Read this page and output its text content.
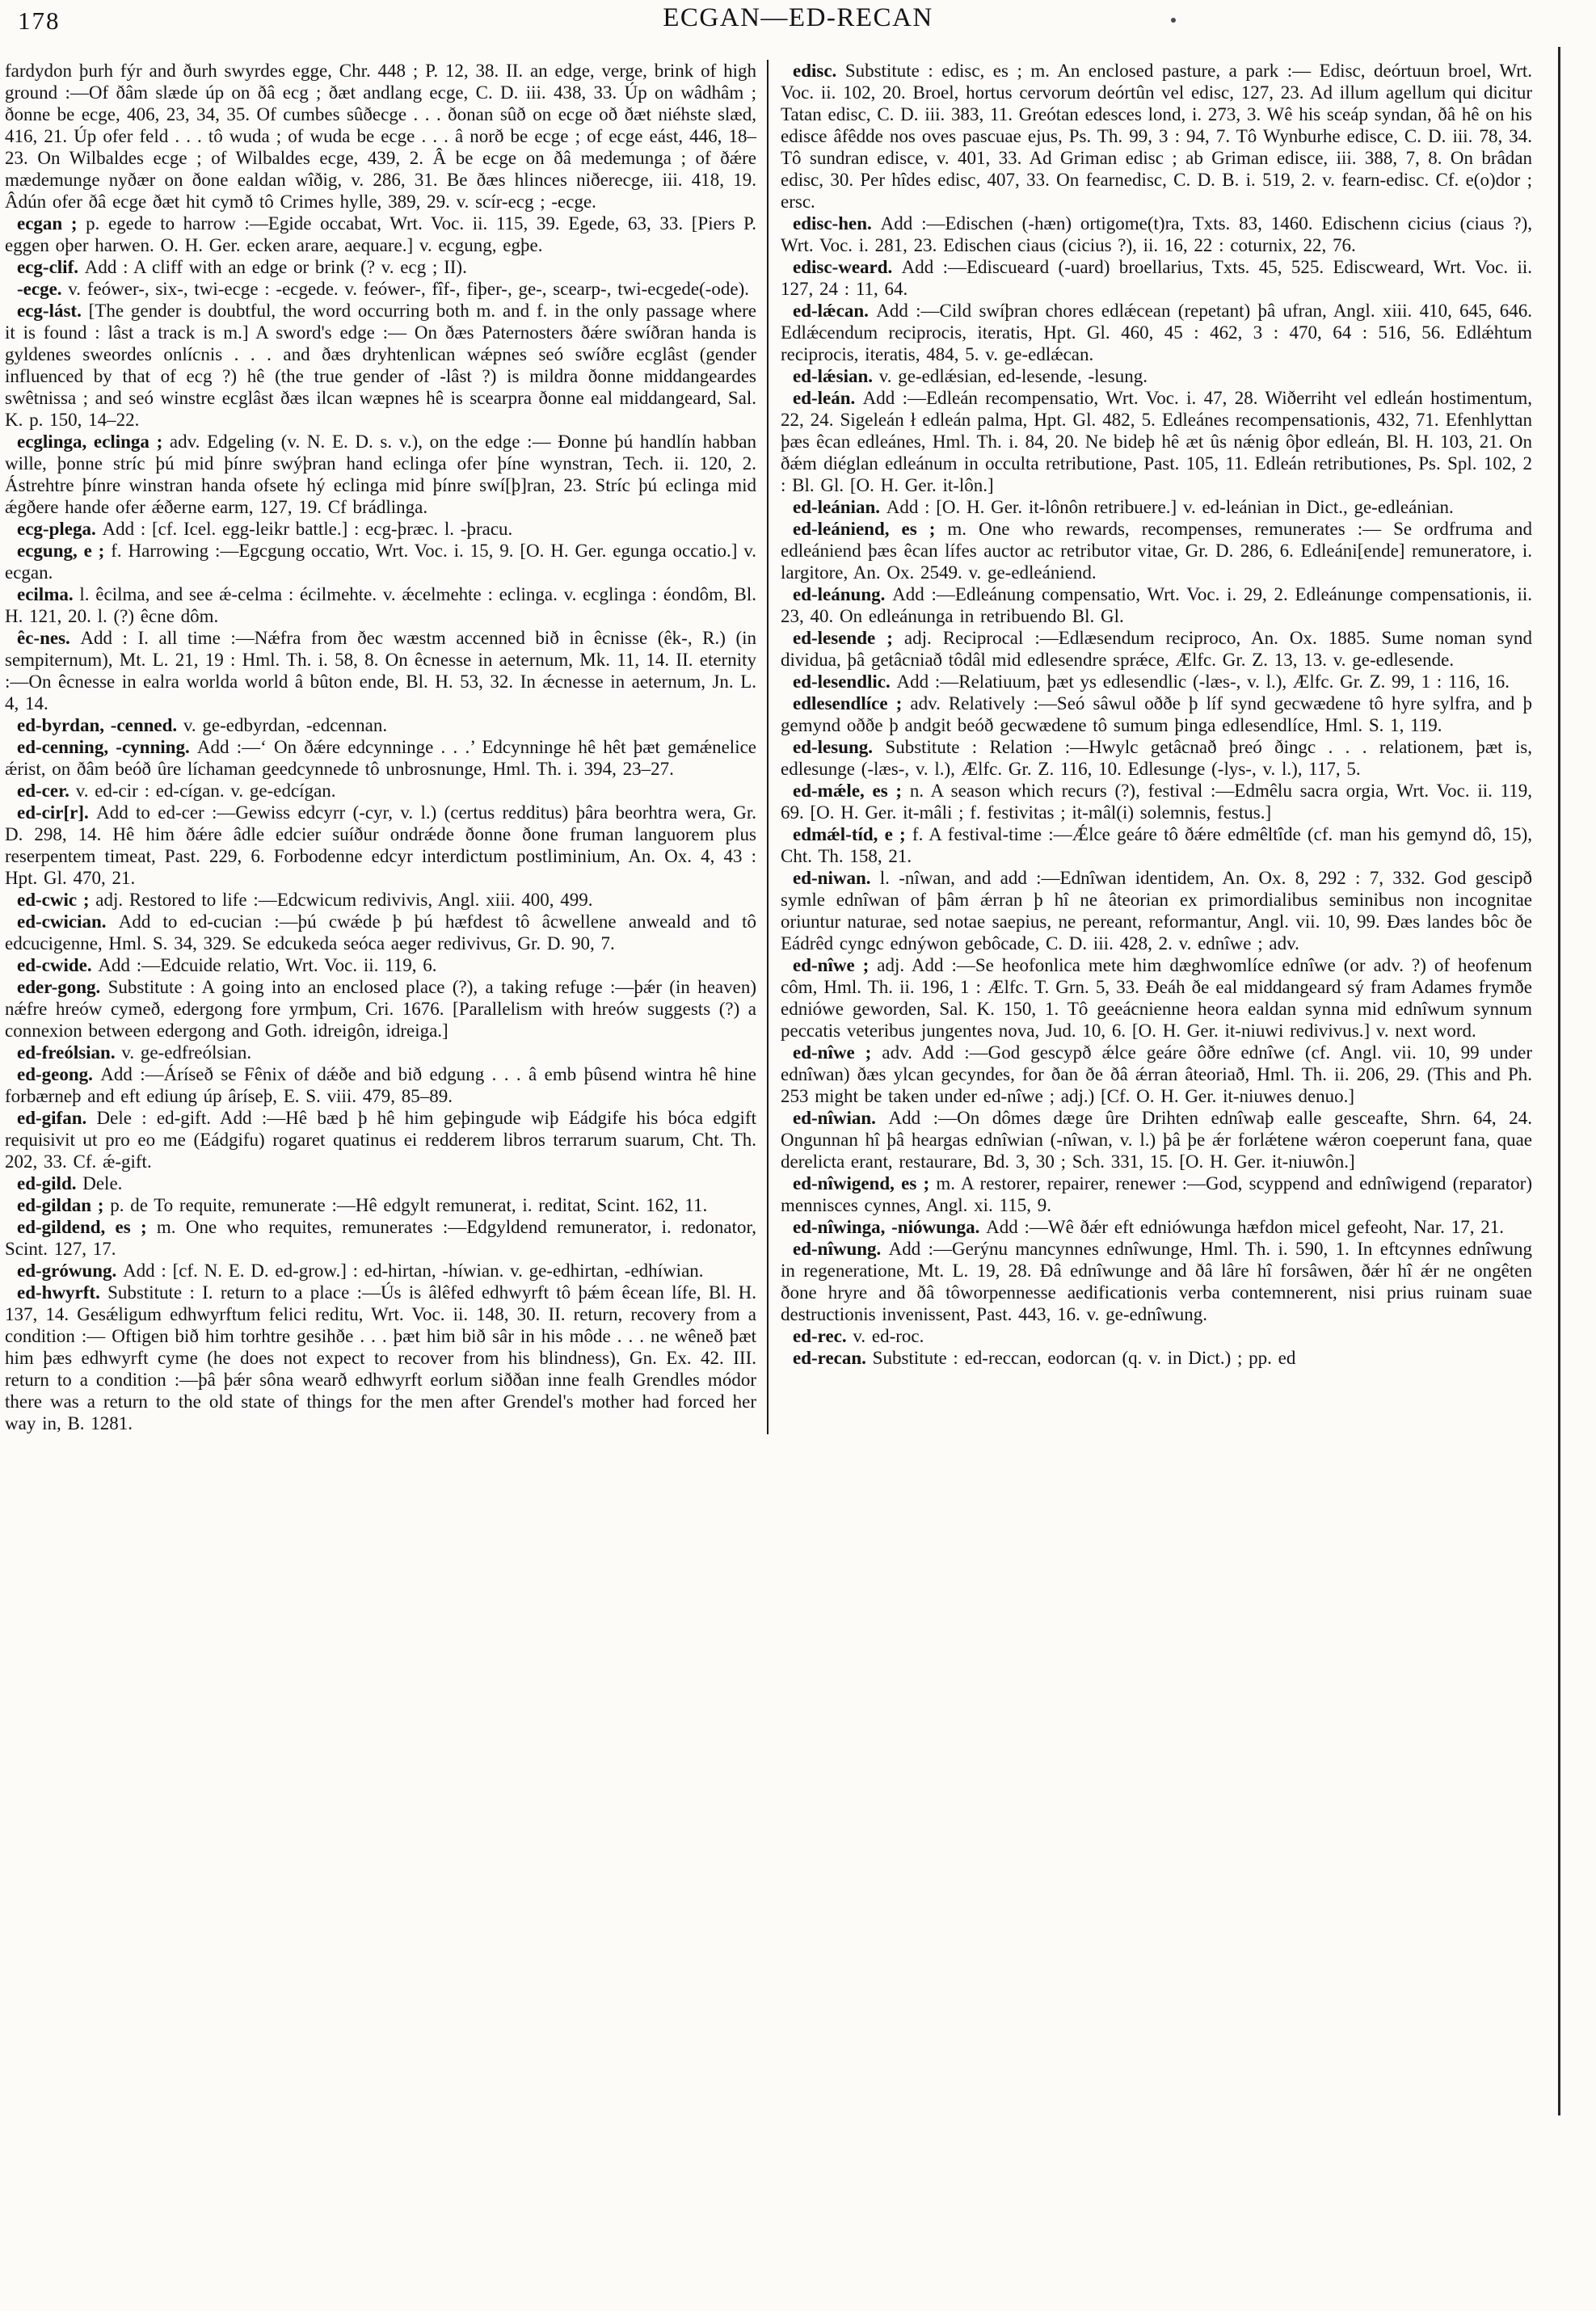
178	ECGAN—ED-RECAN

fardydon þurh fýr and ðurh swyrdes egge, Chr. 448 ; P. 12, 38. II. an edge, verge, brink of high ground :—Of ðâm slæde úp on ðâ ecg ; ðæt andlang ecge, C. D. iii. 438, 33. Úp on wâdhâm ; ðonne be ecge, 406, 23, 34, 35. Of cumbes sûðecge . . . ðonan sûð on ecge oð ðæt niéhste slæd, 416, 21. Úp ofer feld . . . tô wuda ; of wuda be ecge . . . â norð be ecge ; of ecge eást, 446, 18–23. On Wilbaldes ecge ; of Wilbaldes ecge, 439, 2. Â be ecge on ðâ medemunga ; of ðǽre mædemunge nyðær on ðone ealdan wîðig, v. 286, 31. Be ðæs hlinces niðerecge, iii. 418, 19. Âdún ofer ðâ ecge ðæt hit cymð tô Crimes hylle, 389, 29. v. scír-ecg ; -ecge.

ecgan ; p. egede to harrow :—Egide occabat, Wrt. Voc. ii. 115, 39. Egede, 63, 33. [Piers P. eggen oþer harwen. O. H. Ger. ecken arare, aequare.] v. ecgung, egþe.

ecg-clif. Add : A cliff with an edge or brink (? v. ecg ; II).

-ecge. v. feówer-, six-, twi-ecge : -ecgede. v. feówer-, fîf-, fiþer-, ge-, scearp-, twi-ecgede(-ode).

ecg-lást. [The gender is doubtful, the word occurring both m. and f. in the only passage where it is found : lâst a track is m.] A sword's edge :— On ðæs Paternosters ðǽre swíðran handa is gyldenes sweordes onlícnis . . . and ðæs dryhtenlican wǽpnes seó swíðre ecglâst (gender influenced by that of ecg ?) hê (the true gender of -lâst ?) is mildra ðonne middangeardes swêtnissa ; and seó winstre ecglâst ðæs ilcan wæpnes hê is scearpra ðonne eal middangeard, Sal. K. p. 150, 14–22.

ecglinga, eclinga ; adv. Edgeling (v. N. E. D. s. v.), on the edge :— Ðonne þú handlín habban wille, þonne stríc þú mid þínre swýþran hand eclinga ofer þíne wynstran, Tech. ii. 120, 2. Ástrehtre þínre winstran handa ofsete hý eclinga mid þínre swí[þ]ran, 23. Stríc þú eclinga mid ǽgðere hande ofer ǽðerne earm, 127, 19. Cf brádlinga.

ecg-plega. Add : [cf. Icel. egg-leikr battle.] : ecg-þræc. l. -þracu.

ecgung, e ; f. Harrowing :—Egcgung occatio, Wrt. Voc. i. 15, 9. [O. H. Ger. egunga occatio.] v. ecgan.

ecilma. l. êcilma, and see ǽ-celma : écilmehte. v. ǽcelmehte : eclinga. v. ecglinga : éondôm, Bl. H. 121, 20. l. (?) êcne dôm.

êc-nes. Add : I. all time :—Nǽfra from ðec wæstm accenned bið in êcnisse (êk-, R.) (in sempiternum), Mt. L. 21, 19 : Hml. Th. i. 58, 8. On êcnesse in aeternum, Mk. 11, 14. II. eternity :—On êcnesse in ealra worlda world â bûton ende, Bl. H. 53, 32. In ǽcnesse in aeternum, Jn. L. 4, 14.

ed-byrdan, -cenned. v. ge-edbyrdan, -edcennan.

ed-cenning, -cynning. Add :—‘ On ðǽre edcynninge . . .’ Edcynninge hê hêt þæt gemǽnelice ǽrist, on ðâm beóð ûre líchaman geedcynnede tô unbrosnunge, Hml. Th. i. 394, 23–27.

ed-cer. v. ed-cir : ed-cígan. v. ge-edcígan.

ed-cir[r]. Add to ed-cer :—Gewiss edcyrr (-cyr, v. l.) (certus redditus) þâra beorhtra wera, Gr. D. 298, 14. Hê him ðǽre âdle edcier suíður ondrǽde ðonne ðone fruman languorem plus reserpentem timeat, Past. 229, 6. Forbodenne edcyr interdictum postliminium, An. Ox. 4, 43 : Hpt. Gl. 470, 21.

ed-cwic ; adj. Restored to life :—Edcwicum redivivis, Angl. xiii. 400, 499.

ed-cwician. Add to ed-cucian :—þú cwǽde þ þú hæfdest tô âcwellene anweald and tô edcucigenne, Hml. S. 34, 329. Se edcukeda seóca aeger redivivus, Gr. D. 90, 7.

ed-cwide. Add :—Edcuide relatio, Wrt. Voc. ii. 119, 6.

eder-gong. Substitute : A going into an enclosed place (?), a taking refuge :—þǽr (in heaven) nǽfre hreów cymeð, edergong fore yrmþum, Cri. 1676. [Parallelism with hreów suggests (?) a connexion between edergong and Goth. idreigôn, idreiga.]

ed-freólsian. v. ge-edfreólsian.

ed-geong. Add :—Áríseð se Fênix of dǽðe and bið edgung . . . â emb þûsend wintra hê hine forbærneþ and eft ediung úp âríseþ, E. S. viii. 479, 85–89.

ed-gifan. Dele : ed-gift. Add :—Hê bæd þ hê him geþingude wiþ Eádgife his bóca edgift requisivit ut pro eo me (Eádgifu) rogaret quatinus ei redderem libros terrarum suarum, Cht. Th. 202, 33. Cf. ǽ-gift.

ed-gild. Dele.

ed-gildan ; p. de To requite, remunerate :—Hê edgylt remunerat, i. reditat, Scint. 162, 11.

ed-gildend, es ; m. One who requites, remunerates :—Edgyldend remunerator, i. redonator, Scint. 127, 17.

ed-grówung. Add : [cf. N. E. D. ed-grow.] : ed-hirtan, -híwian. v. ge-edhirtan, -edhíwian.

ed-hwyrft. Substitute : I. return to a place :—Ús is âlêfed edhwyrft tô þǽm êcean lífe, Bl. H. 137, 14. Gesǽligum edhwyrftum felici reditu, Wrt. Voc. ii. 148, 30. II. return, recovery from a condition :— Oftigen bið him torhtre gesihðe . . . þæt him bið sâr in his môde . . . ne wêneð þæt him þæs edhwyrft cyme (he does not expect to recover from his blindness), Gn. Ex. 42. III. return to a condition :—þâ þǽr sôna wearð edhwyrft eorlum siððan inne fealh Grendles módor there was a return to the old state of things for the men after Grendel's mother had forced her way in, B. 1281.

edisc. Substitute : edisc, es ; m. An enclosed pasture, a park :— Edisc, deórtuun broel, Wrt. Voc. ii. 102, 20. Broel, hortus cervorum deórtûn vel edisc, 127, 23. Ad illum agellum qui dicitur Tatan edisc, C. D. iii. 383, 11. Greótan edesces lond, i. 273, 3. Wê his sceáp syndan, ðâ hê on his edisce âfêdde nos oves pascuae ejus, Ps. Th. 99, 3 : 94, 7. Tô Wynburhe edisce, C. D. iii. 78, 34. Tô sundran edisce, v. 401, 33. Ad Griman edisc ; ab Griman edisce, iii. 388, 7, 8. On brâdan edisc, 30. Per hîdes edisc, 407, 33. On fearnedisc, C. D. B. i. 519, 2. v. fearn-edisc. Cf. e(o)dor ; ersc.

edisc-hen. Add :—Edischen (-hæn) ortigome(t)ra, Txts. 83, 1460. Edischenn cicius (ciaus ?), Wrt. Voc. i. 281, 23. Edischen ciaus (cicius ?), ii. 16, 22 : coturnix, 22, 76.

edisc-weard. Add :—Ediscueard (-uard) broellarius, Txts. 45, 525. Ediscweard, Wrt. Voc. ii. 127, 24 : 11, 64.

ed-lǽcan. Add :—Cild swíþran chores edlǽcean (repetant) þâ ufran, Angl. xiii. 410, 645, 646. Edlǽcendum reciprocis, iteratis, Hpt. Gl. 460, 45 : 462, 3 : 470, 64 : 516, 56. Edlǽhtum reciprocis, iteratis, 484, 5. v. ge-edlǽcan.

ed-lǽsian. v. ge-edlǽsian, ed-lesende, -lesung.

ed-leán. Add :—Edleán recompensatio, Wrt. Voc. i. 47, 28. Wiðerriht vel edleán hostimentum, 22, 24. Sigeleán ł edleán palma, Hpt. Gl. 482, 5. Edleánes recompensationis, 432, 71. Efenhlyttan þæs êcan edleánes, Hml. Th. i. 84, 20. Ne bideþ hê æt ûs nǽnig ôþor edleán, Bl. H. 103, 21. On ðǽm diéglan edleánum in occulta retributione, Past. 105, 11. Edleán retributiones, Ps. Spl. 102, 2 : Bl. Gl. [O. H. Ger. it-lôn.]

ed-leánian. Add : [O. H. Ger. it-lônôn retribuere.] v. ed-leánian in Dict., ge-edleánian.

ed-leániend, es ; m. One who rewards, recompenses, remunerates :— Se ordfruma and edleániend þæs êcan lífes auctor ac retributor vitae, Gr. D. 286, 6. Edleáni[ende] remuneratore, i. largitore, An. Ox. 2549. v. ge-edleániend.

ed-leánung. Add :—Edleánung compensatio, Wrt. Voc. i. 29, 2. Edleánunge compensationis, ii. 23, 40. On edleánunga in retribuendo Bl. Gl.

ed-lesende ; adj. Reciprocal :—Edlæsendum reciproco, An. Ox. 1885. Sume noman synd dividua, þâ getâcniað tôdâl mid edlesendre sprǽce, Ælfc. Gr. Z. 13, 13. v. ge-edlesende.

ed-lesendlic. Add :—Relatiuum, þæt ys edlesendlic (-læs-, v. l.), Ælfc. Gr. Z. 99, 1 : 116, 16.

edlesendlíce ; adv. Relatively :—Seó sâwul oððe þ líf synd gecwædene tô hyre sylfra, and þ gemynd oððe þ andgit beóð gecwædene tô sumum þinga edlesendlíce, Hml. S. 1, 119.

ed-lesung. Substitute : Relation :—Hwylc getâcnað þreó ðingc . . . relationem, þæt is, edlesunge (-læs-, v. l.), Ælfc. Gr. Z. 116, 10. Edlesunge (-lys-, v. l.), 117, 5.

ed-mǽle, es ; n. A season which recurs (?), festival :—Edmêlu sacra orgia, Wrt. Voc. ii. 119, 69. [O. H. Ger. it-mâli ; f. festivitas ; it-mâl(i) solemnis, festus.]

edmǽl-tíd, e ; f. A festival-time :—Ǽlce geáre tô ðǽre edmêltîde (cf. man his gemynd dô, 15), Cht. Th. 158, 21.

ed-niwan. l. -nîwan, and add :—Ednîwan identidem, An. Ox. 8, 292 : 7, 332. God gescipð symle ednîwan of þâm ǽrran þ hî ne âteorian ex primordialibus seminibus non incognitae oriuntur naturae, sed notae saepius, ne pereant, reformantur, Angl. vii. 10, 99. Ðæs landes bôc ðe Eádrêd cyngc ednýwon gebôcade, C. D. iii. 428, 2. v. ednîwe ; adv.

ed-nîwe ; adj. Add :—Se heofonlica mete him dæghwomlíce ednîwe (or adv. ?) of heofenum côm, Hml. Th. ii. 196, 1 : Ælfc. T. Grn. 5, 33. Ðeáh ðe eal middangeard sý fram Adames frymðe edniówe geworden, Sal. K. 150, 1. Tô geeácnienne heora ealdan synna mid ednîwum synnum peccatis veteribus jungentes nova, Jud. 10, 6. [O. H. Ger. it-niuwi redivivus.] v. next word.

ed-nîwe ; adv. Add :—God gescypð ǽlce geáre ôðre ednîwe (cf. Angl. vii. 10, 99 under ednîwan) ðæs ylcan gecyndes, for ðan ðe ðâ ǽrran âteoriað, Hml. Th. ii. 206, 29. (This and Ph. 253 might be taken under ed-nîwe ; adj.) [Cf. O. H. Ger. it-niuwes denuo.]

ed-nîwian. Add :—On dômes dæge ûre Drihten ednîwaþ ealle gesceafte, Shrn. 64, 24. Ongunnan hî þâ heargas ednîwian (-nîwan, v. l.) þâ þe ǽr forlǽtene wǽron coeperunt fana, quae derelicta erant, restaurare, Bd. 3, 30 ; Sch. 331, 15. [O. H. Ger. it-niuwôn.]

ed-nîwigend, es ; m. A restorer, repairer, renewer :—God, scyppend and ednîwigend (reparator) mennisces cynnes, Angl. xi. 115, 9.

ed-nîwinga, -niówunga. Add :—Wê ðǽr eft edniówunga hæfdon micel gefeoht, Nar. 17, 21.

ed-nîwung. Add :—Gerýnu mancynnes ednîwunge, Hml. Th. i. 590, 1. In eftcynnes ednîwung in regeneratione, Mt. L. 19, 28. Ðâ ednîwunge and ðâ lâre hî forsâwen, ðǽr hî ǽr ne ongêten ðone hryre and ðâ tôworpennesse aedificationis verba contemnerent, nisi prius ruinam suae destructionis invenissent, Past. 443, 16. v. ge-ednîwung.

ed-rec. v. ed-roc.

ed-recan. Substitute : ed-reccan, eodorcan (q. v. in Dict.) ; pp. ed
